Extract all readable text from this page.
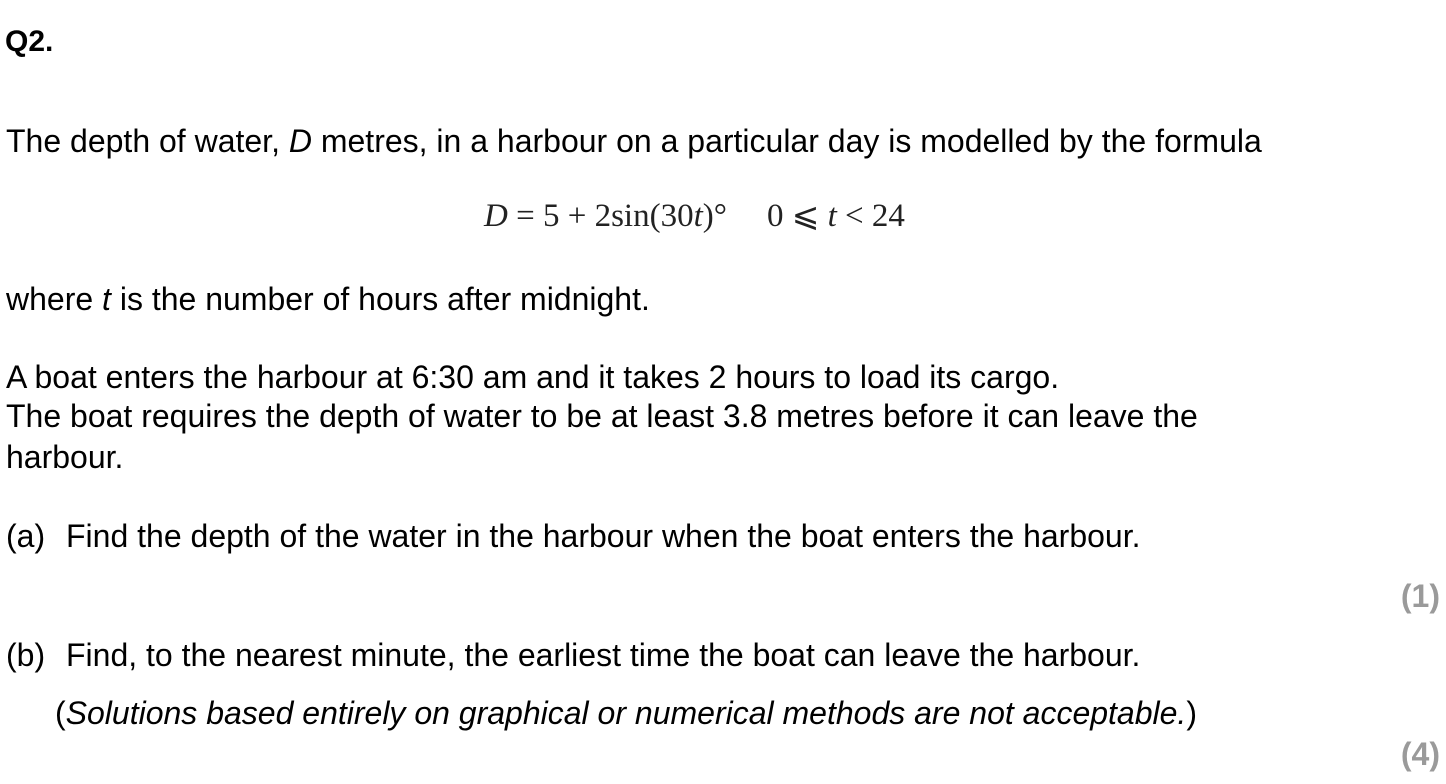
Q2.
The depth of water, D metres, in a harbour on a particular day is modelled by the formula
D = 5 + 2sin(30t)° 0 ⩽ t < 24
where t is the number of hours after midnight.
A boat enters the harbour at 6:30 am and it takes 2 hours to load its cargo.
The boat requires the depth of water to be at least 3.8 metres before it can leave the
harbour.
(a) Find the depth of the water in the harbour when the boat enters the harbour.
(1)
(b) Find, to the nearest minute, the earliest time the boat can leave the harbour.
(Solutions based entirely on graphical or numerical methods are not acceptable.)
(4)
